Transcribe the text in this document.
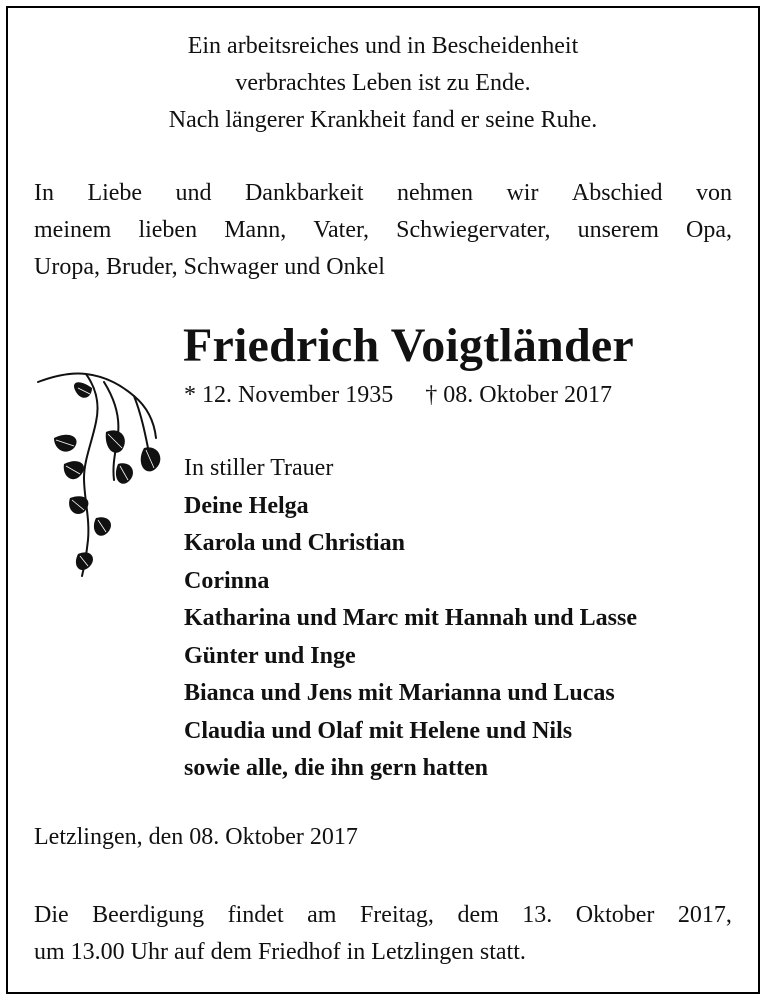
Ein arbeitsreiches und in Bescheidenheit
verbrachtes Leben ist zu Ende.
Nach längerer Krankheit fand er seine Ruhe.
In Liebe und Dankbarkeit nehmen wir Abschied von
meinem lieben Mann, Vater, Schwiegervater, unserem Opa,
Uropa, Bruder, Schwager und Onkel
Friedrich Voigtländer
* 12. November 1935 † 08. Oktober 2017
In stiller Trauer
Deine Helga
Karola und Christian
Corinna
Katharina und Marc mit Hannah und Lasse
Günter und Inge
Bianca und Jens mit Marianna und Lucas
Claudia und Olaf mit Helene und Nils
sowie alle, die ihn gern hatten
Letzlingen, den 08. Oktober 2017
Die Beerdigung findet am Freitag, dem 13. Oktober 2017,
um 13.00 Uhr auf dem Friedhof in Letzlingen statt.
